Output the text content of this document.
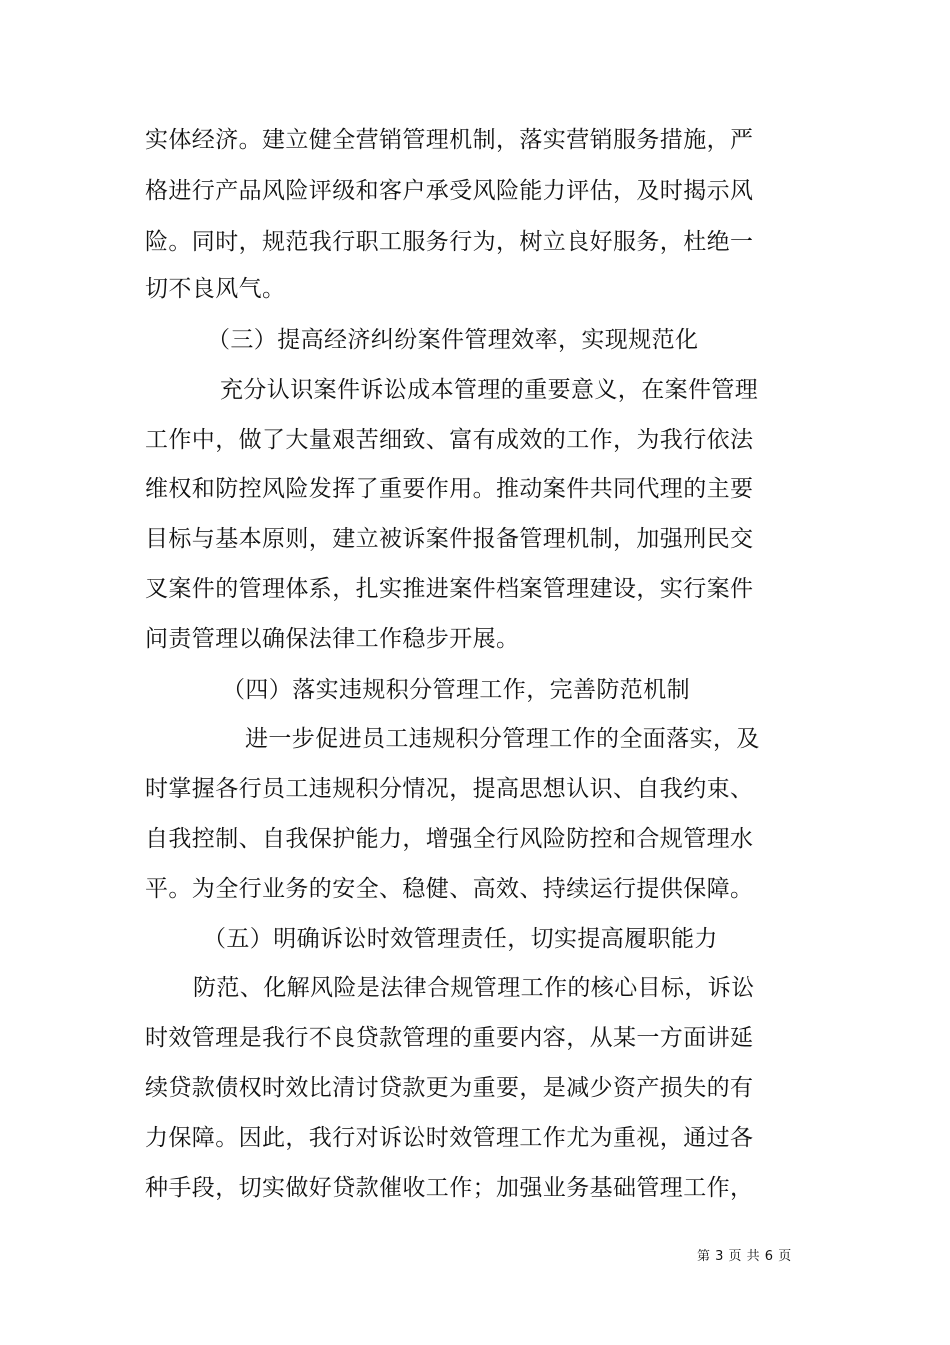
实体经济。建立健全营销管理机制，落实营销服务措施，严
格进行产品风险评级和客户承受风险能力评估，及时揭示风
险。同时，规范我行职工服务行为，树立良好服务，杜绝一
切不良风气。
（三）提高经济纠纷案件管理效率，实现规范化
充分认识案件诉讼成本管理的重要意义，在案件管理
工作中，做了大量艰苦细致、富有成效的工作，为我行依法
维权和防控风险发挥了重要作用。推动案件共同代理的主要
目标与基本原则，建立被诉案件报备管理机制，加强刑民交
叉案件的管理体系，扎实推进案件档案管理建设，实行案件
问责管理以确保法律工作稳步开展。
（四）落实违规积分管理工作，完善防范机制
进一步促进员工违规积分管理工作的全面落实，及
时掌握各行员工违规积分情况，提高思想认识、自我约束、
自我控制、自我保护能力，增强全行风险防控和合规管理水
平。为全行业务的安全、稳健、高效、持续运行提供保障。
（五）明确诉讼时效管理责任，切实提高履职能力
防范、化解风险是法律合规管理工作的核心目标，诉讼
时效管理是我行不良贷款管理的重要内容，从某一方面讲延
续贷款债权时效比清讨贷款更为重要，是减少资产损失的有
力保障。因此，我行对诉讼时效管理工作尤为重视，通过各
种手段，切实做好贷款催收工作；加强业务基础管理工作，
第 3 页 共 6 页
